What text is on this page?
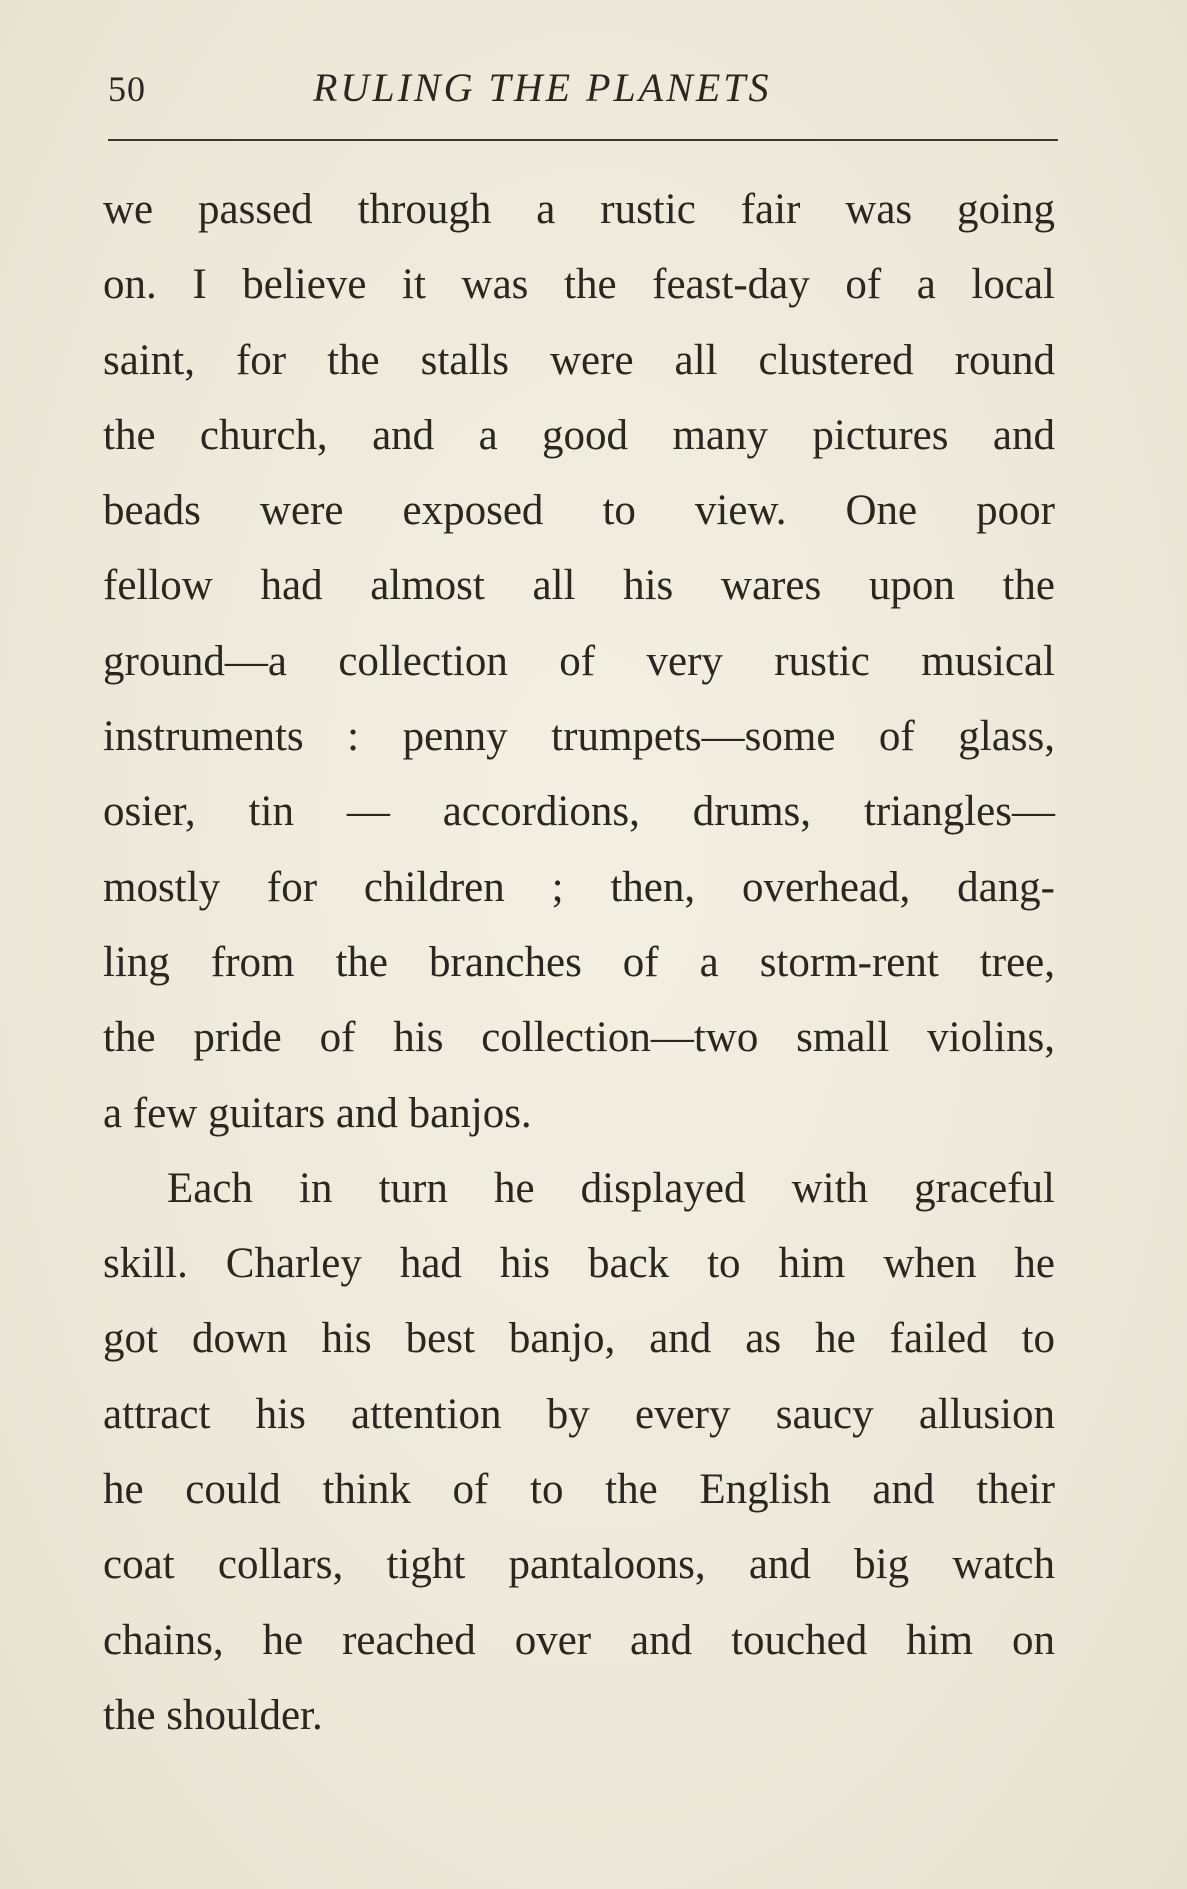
50	RULING THE PLANETS
we passed through a rustic fair was going
on. I believe it was the feast-day of a local
saint, for the stalls were all clustered round
the church, and a good many pictures and
beads were exposed to view. One poor
fellow had almost all his wares upon the
ground—a collection of very rustic musical
instruments : penny trumpets—some of glass,
osier, tin — accordions, drums, triangles—
mostly for children ; then, overhead, dang-
ling from the branches of a storm-rent tree,
the pride of his collection—two small violins,
a few guitars and banjos.
Each in turn he displayed with graceful
skill. Charley had his back to him when he
got down his best banjo, and as he failed to
attract his attention by every saucy allusion
he could think of to the English and their
coat collars, tight pantaloons, and big watch
chains, he reached over and touched him on
the shoulder.
